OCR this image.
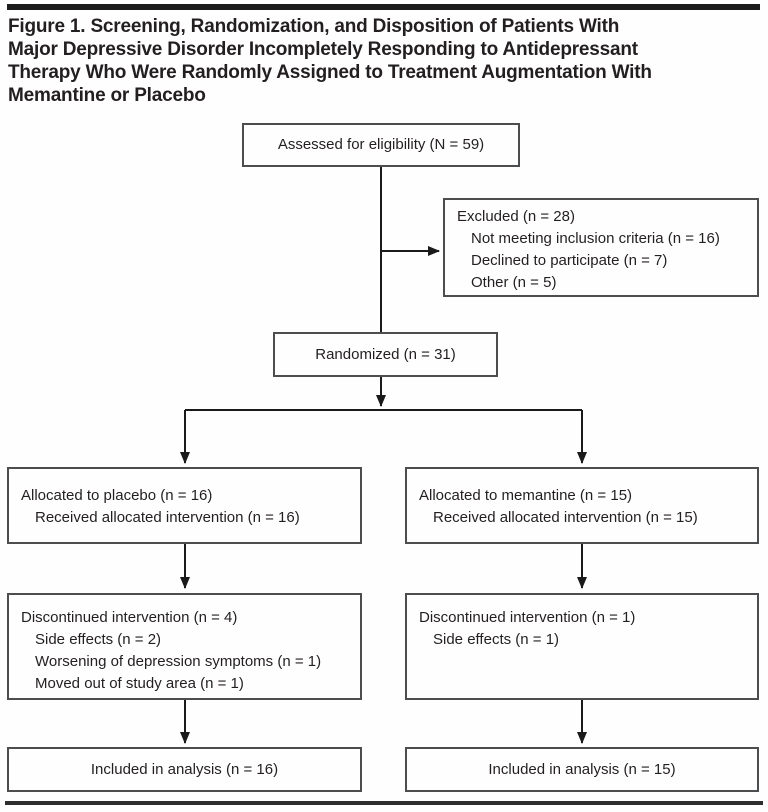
Figure 1. Screening, Randomization, and Disposition of Patients With
Major Depressive Disorder Incompletely Responding to Antidepressant
Therapy Who Were Randomly Assigned to Treatment Augmentation With
Memantine or Placebo
Assessed for eligibility (N = 59)
Excluded (n = 28)
Not meeting inclusion criteria (n = 16)
Declined to participate (n = 7)
Other (n = 5)
Randomized (n = 31)
Allocated to placebo (n = 16)
Received allocated intervention (n = 16)
Allocated to memantine (n = 15)
Received allocated intervention (n = 15)
Discontinued intervention (n = 4)
Side effects (n = 2)
Worsening of depression symptoms (n = 1)
Moved out of study area (n = 1)
Discontinued intervention (n = 1)
Side effects (n = 1)
Included in analysis (n = 16)	Included in analysis (n = 15)
